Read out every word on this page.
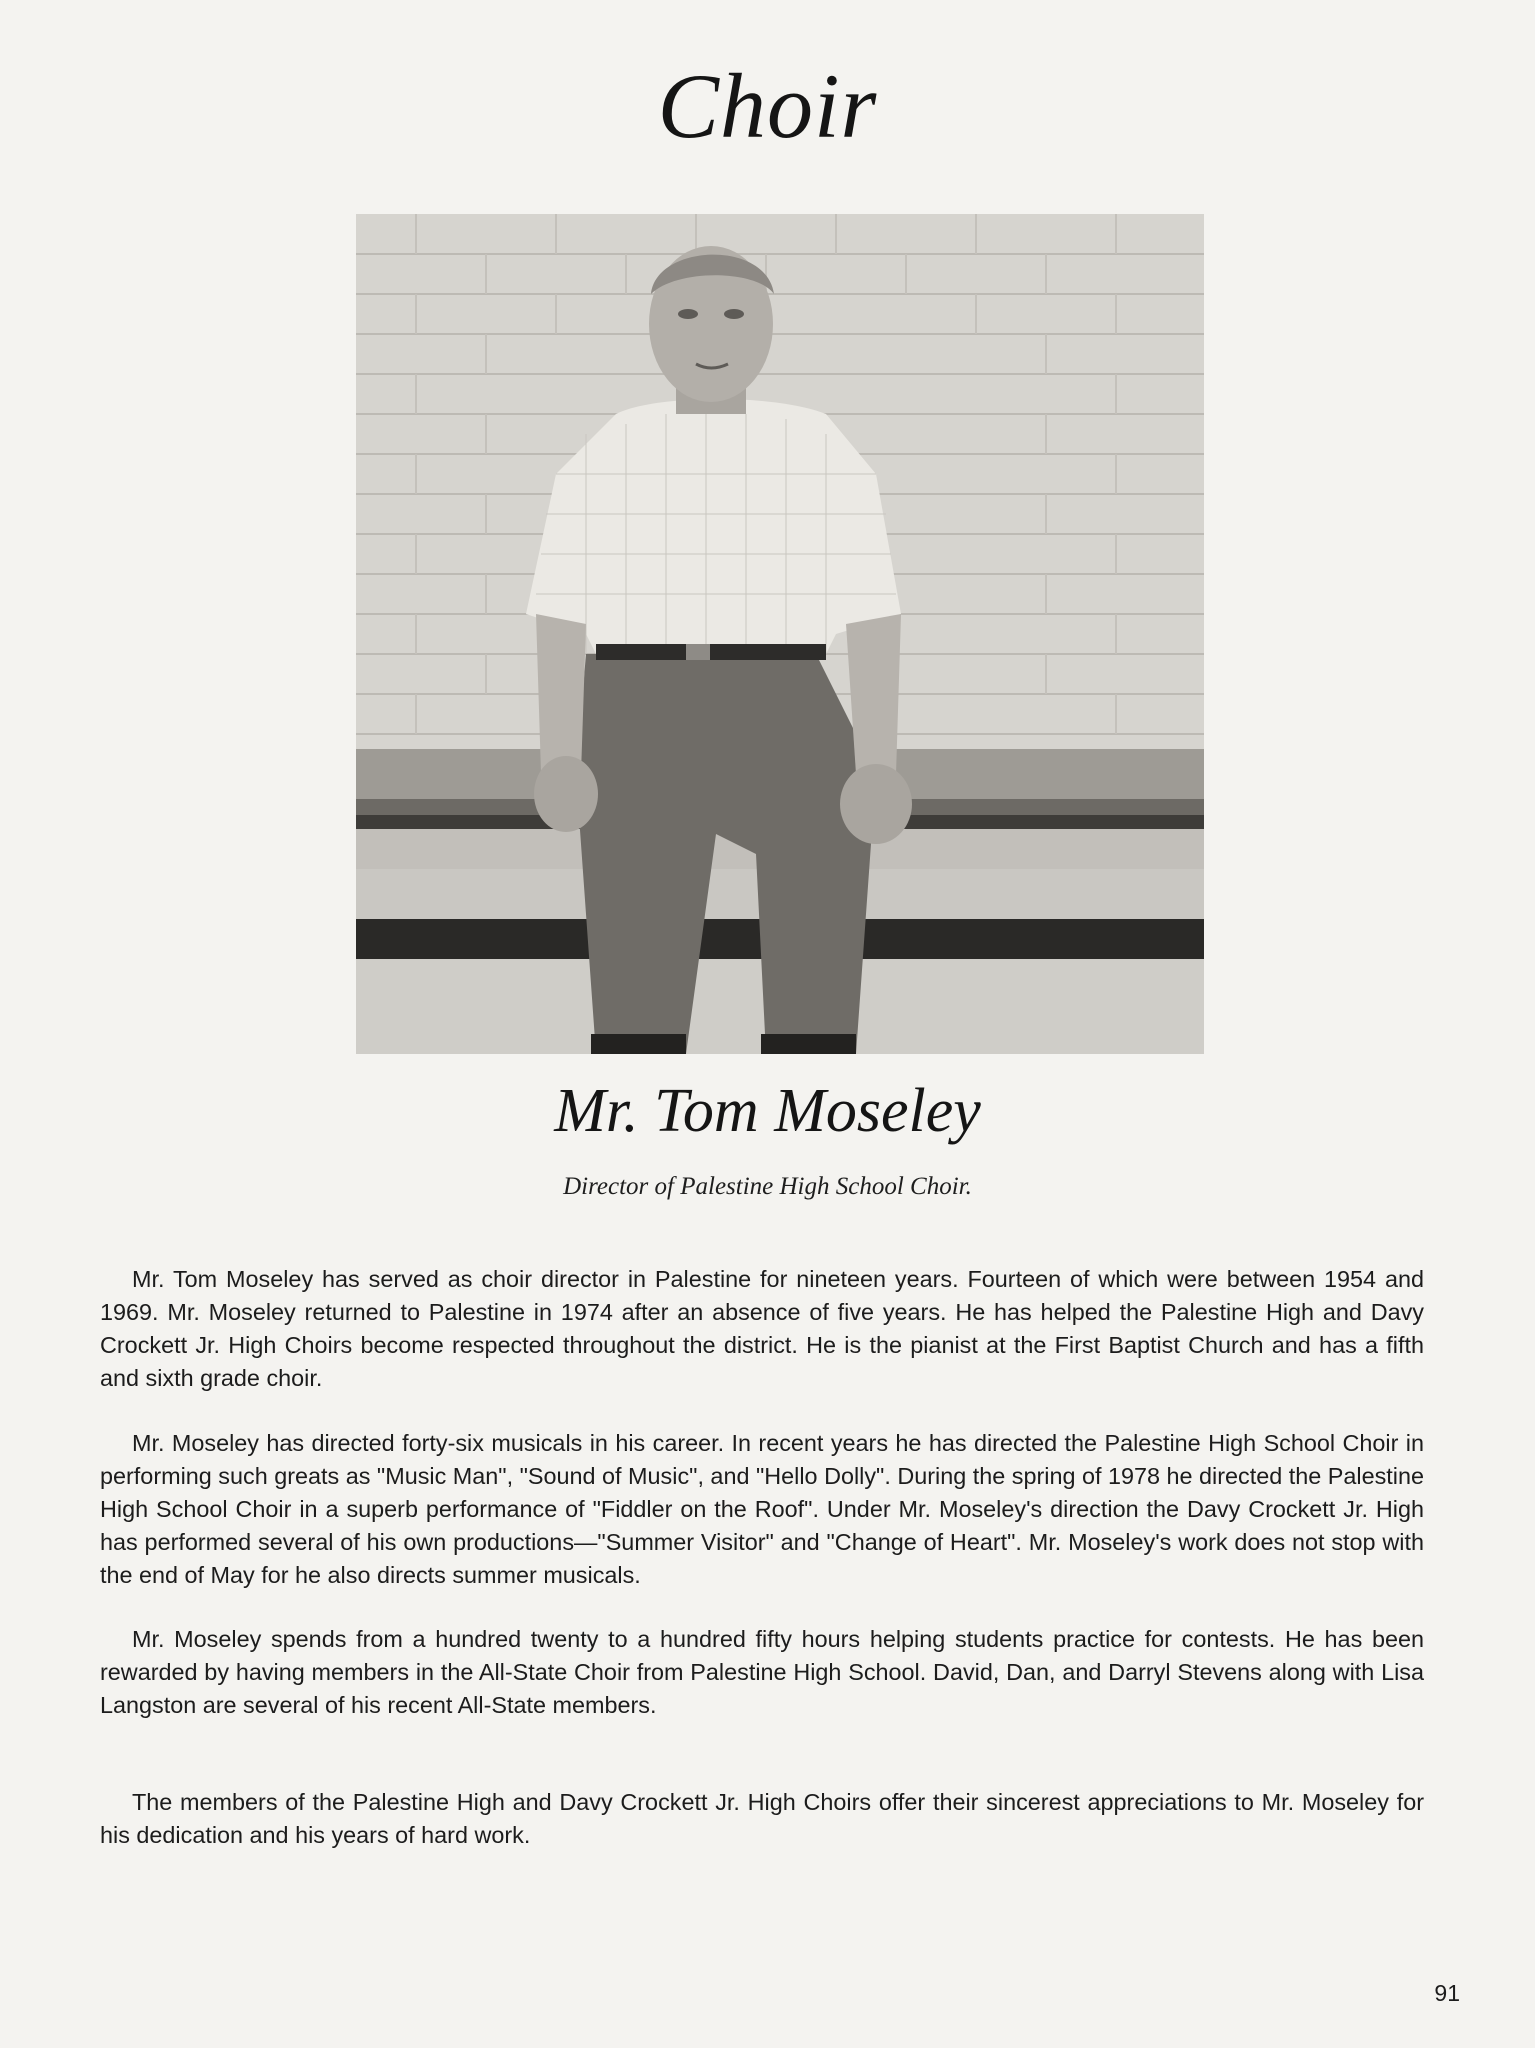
Choir
Mr. Tom Moseley
Director of Palestine High School Choir.

Mr. Tom Moseley has served as choir director in Palestine for nineteen years. Fourteen of which were between 1954 and 1969. Mr. Moseley returned to Palestine in 1974 after an absence of five years. He has helped the Palestine High and Davy Crockett Jr. High Choirs become respected throughout the district. He is the pianist at the First Baptist Church and has a fifth and sixth grade choir.

Mr. Moseley has directed forty-six musicals in his career. In recent years he has directed the Palestine High School Choir in performing such greats as "Music Man", "Sound of Music", and "Hello Dolly". During the spring of 1978 he directed the Palestine High School Choir in a superb performance of "Fiddler on the Roof". Under Mr. Moseley's direction the Davy Crockett Jr. High has performed several of his own productions—"Summer Visitor" and "Change of Heart". Mr. Moseley's work does not stop with the end of May for he also directs summer musicals.

Mr. Moseley spends from a hundred twenty to a hundred fifty hours helping students practice for contests. He has been rewarded by having members in the All-State Choir from Palestine High School. David, Dan, and Darryl Stevens along with Lisa Langston are several of his recent All-State members.

The members of the Palestine High and Davy Crockett Jr. High Choirs offer their sincerest appreciations to Mr. Moseley for his dedication and his years of hard work.

91
